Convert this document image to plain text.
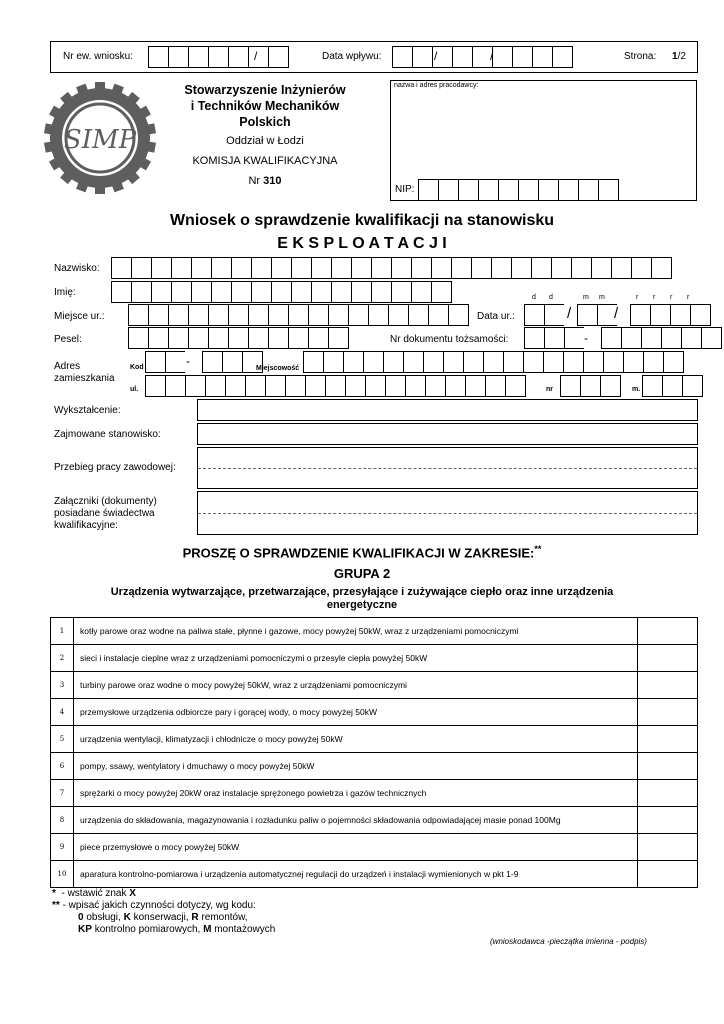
Nr ew. wniosku:	/	Data wpływu:	/	/	Strona: 1/2
SIMP
Stowarzyszenie Inżynierów
i Techników Mechaników
Polskich
Oddział w Łodzi
KOMISJA KWALIFIKACYJNA
Nr 310
nazwa i adres pracodawcy:
NIP:
Wniosek o sprawdzenie kwalifikacji na stanowisku
E K S P L O A T A C J I
Nazwisko:
Imię:	d d	m m	r r r r
Miejsce ur.:	Data ur.:	/	/
Pesel:	Nr dokumentu tożsamości:	-
Adres
zamieszkania
Kod	-
Miejscowość
ul.	nr	m.
Wykształcenie:
Zajmowane stanowisko:
Przebieg pracy zawodowej:
Załączniki (dokumenty)
posiadane świadectwa
kwalifikacyjne:
PROSZĘ O SPRAWDZENIE KWALIFIKACJI W ZAKRESIE:**
GRUPA 2
Urządzenia wytwarzające, przetwarzające, przesyłające i zużywające ciepło oraz inne urządzenia
energetyczne
1	kotły parowe oraz wodne na paliwa stałe, płynne i gazowe, mocy powyżej 50kW, wraz z urządzeniami pomocniczymi	
2	sieci i instalacje cieplne wraz z urządzeniami pomocniczymi o przesyle ciepła powyżej 50kW	
3	turbiny parowe oraz wodne o mocy powyżej 50kW, wraz z urządzeniami pomocniczymi	
4	przemysłowe urządzenia odbiorcze pary i gorącej wody, o mocy powyżej 50kW	
5	urządzenia wentylacji, klimatyzacji i chłodnicze o mocy powyżej 50kW	
6	pompy, ssawy, wentylatory i dmuchawy o mocy powyżej 50kW	
7	sprężarki o mocy powyżej 20kW oraz instalacje sprężonego powietrza i gazów technicznych	
8	urządzenia do składowania, magazynowania i rozładunku paliw o pojemności składowania odpowiadającej masie ponad 100Mg	
9	piece przemysłowe o mocy powyżej 50kW	
10	aparatura kontrolno-pomiarowa i urządzenia automatycznej regulacji do urządzeń i instalacji wymienionych w pkt 1-9	
* - wstawić znak X
** - wpisać jakich czynności dotyczy, wg kodu:
0 obsługi, K konserwacji, R remontów,
KP kontrolno pomiarowych, M montażowych
(wnioskodawca -pieczątka imienna - podpis)
